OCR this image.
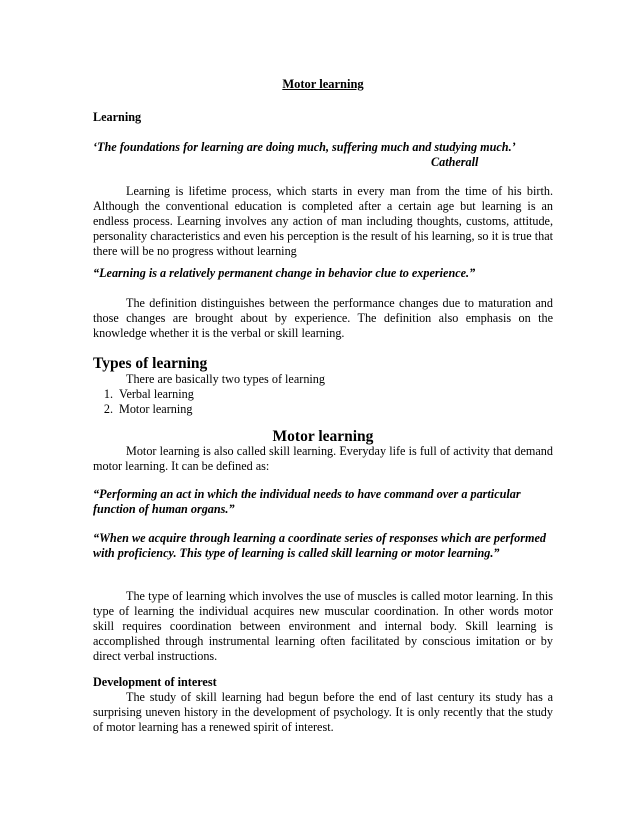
Motor learning

Learning

‘The foundations for learning are doing much, suffering much and studying much.’

Catherall

Learning is lifetime process, which starts in every man from the time of his birth. Although the conventional education is completed after a certain age but learning is an endless process. Learning involves any action of man including thoughts, customs, attitude, personality characteristics and even his perception is the result of his learning, so it is true that there will be no progress without learning

“Learning is a relatively permanent change in behavior clue to experience.”

The definition distinguishes between the performance changes due to maturation and those changes are brought about by experience. The definition also emphasis on the knowledge whether it is the verbal or skill learning.

Types of learning

There are basically two types of learning

1. Verbal learning
2. Motor learning
Motor learning

Motor learning is also called skill learning. Everyday life is full of activity that demand motor learning. It can be defined as:

“Performing an act in which the individual needs to have command over a particular function of human organs.”

“When we acquire through learning a coordinate series of responses which are performed with proficiency. This type of learning is called skill learning or motor learning.”

The type of learning which involves the use of muscles is called motor learning. In this type of learning the individual acquires new muscular coordination. In other words motor skill requires coordination between environment and internal body. Skill learning is accomplished through instrumental learning often facilitated by conscious imitation or by direct verbal instructions.

Development of interest

The study of skill learning had begun before the end of last century its study has a surprising uneven history in the development of psychology. It is only recently that the study of motor learning has a renewed spirit of interest.
